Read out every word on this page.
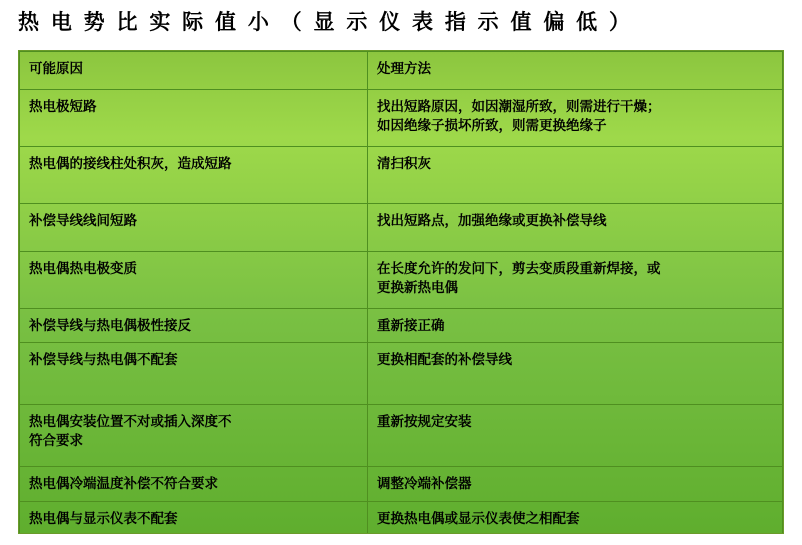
热 电 势 比 实 际 值 小 （ 显 示 仪 表 指 示 值 偏 低 ）
可能原因	处理方法
热电极短路	找出短路原因，如因潮湿所致，则需进行干燥；
如因绝缘子损坏所致，则需更换绝缘子

热电偶的接线柱处积灰，造成短路	清扫积灰

补偿导线线间短路	找出短路点，加强绝缘或更换补偿导线

热电偶热电极变质	在长度允许的发问下，剪去变质段重新焊接，或
更换新热电偶

补偿导线与热电偶极性接反	重新接正确

补偿导线与热电偶不配套	更换相配套的补偿导线

热电偶安装位置不对或插入深度不
符合要求	重新按规定安装

热电偶冷端温度补偿不符合要求	调整冷端补偿器

热电偶与显示仪表不配套	更换热电偶或显示仪表使之相配套
